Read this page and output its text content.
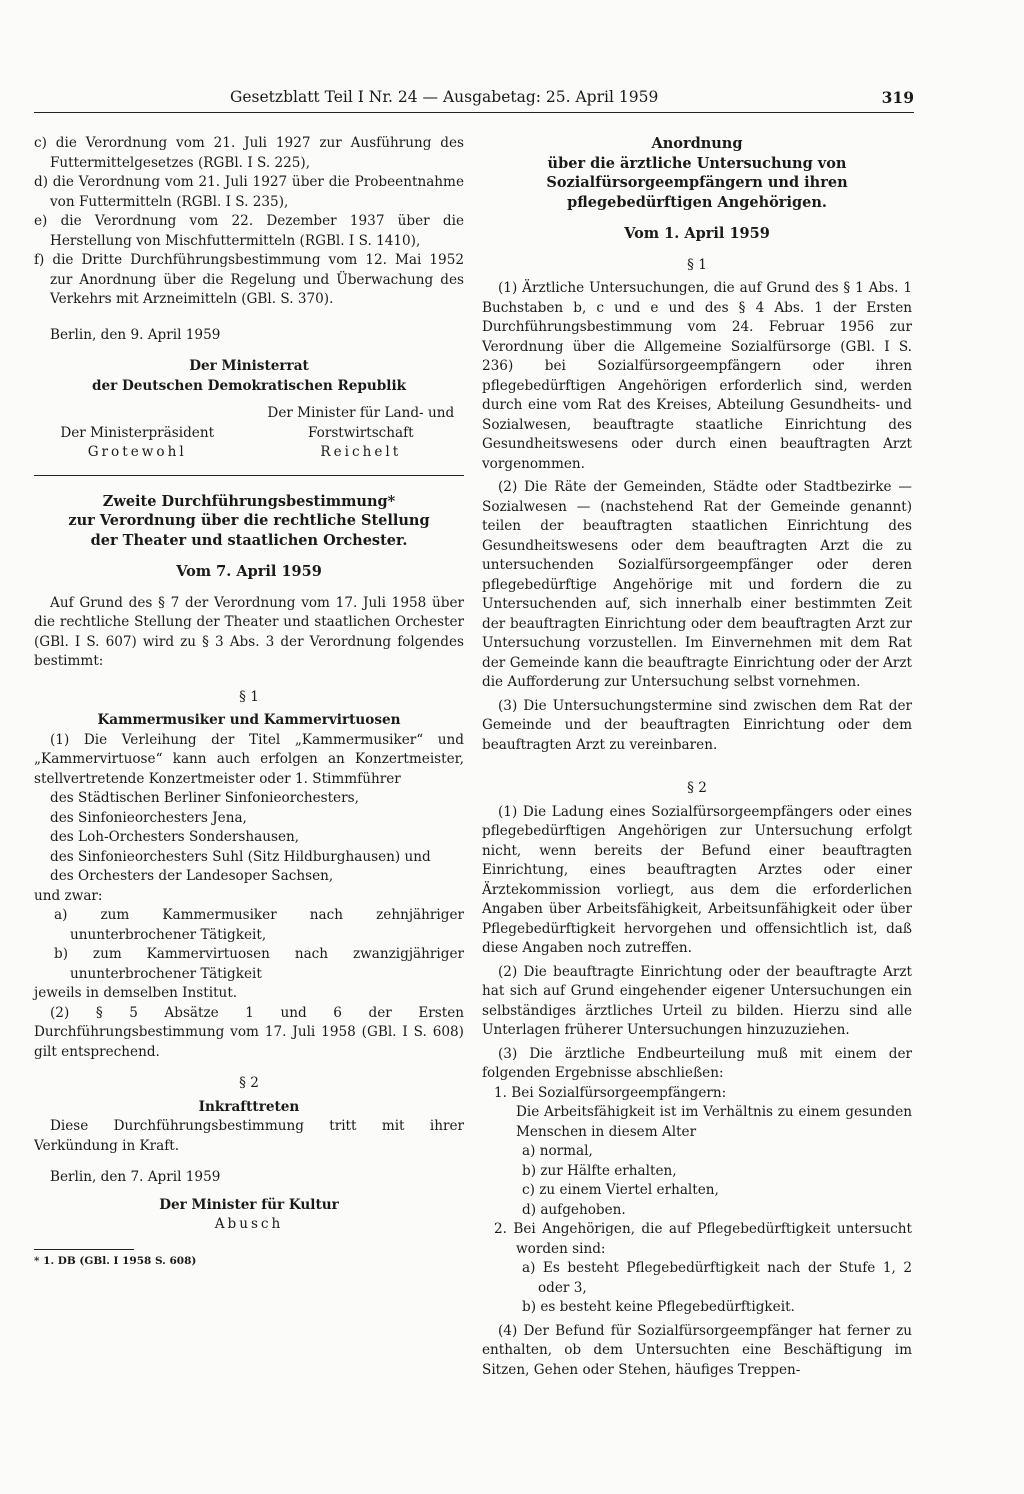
Gesetzblatt Teil I Nr. 24 — Ausgabetag: 25. April 1959	319

c) die Verordnung vom 21. Juli 1927 zur Ausführung des Futtermittelgesetzes (RGBl. I S. 225),

d) die Verordnung vom 21. Juli 1927 über die Probeentnahme von Futtermitteln (RGBl. I S. 235),

e) die Verordnung vom 22. Dezember 1937 über die Herstellung von Mischfuttermitteln (RGBl. I S. 1410),

f) die Dritte Durchführungsbestimmung vom 12. Mai 1952 zur Anordnung über die Regelung und Überwachung des Verkehrs mit Arzneimitteln (GBl. S. 370).

Berlin, den 9. April 1959

Der Ministerrat

der Deutschen Demokratischen Republik

Der Ministerpräsident

Grotewohl

Der Minister für Land- und

Forstwirtschaft

Reichelt

Zweite Durchführungsbestimmung*

zur Verordnung über die rechtliche Stellung

der Theater und staatlichen Orchester.

Vom 7. April 1959

Auf Grund des § 7 der Verordnung vom 17. Juli 1958 über die rechtliche Stellung der Theater und staatlichen Orchester (GBl. I S. 607) wird zu § 3 Abs. 3 der Verordnung folgendes bestimmt:

§ 1

Kammermusiker und Kammervirtuosen

(1) Die Verleihung der Titel „Kammermusiker“ und „Kammervirtuose“ kann auch erfolgen an Konzertmeister, stellvertretende Konzertmeister oder 1. Stimmführer

des Städtischen Berliner Sinfonieorchesters,

des Sinfonieorchesters Jena,

des Loh-Orchesters Sondershausen,

des Sinfonieorchesters Suhl (Sitz Hildburghausen) und

des Orchesters der Landesoper Sachsen,

und zwar:

a) zum Kammermusiker nach zehnjähriger ununterbrochener Tätigkeit,

b) zum Kammervirtuosen nach zwanzigjähriger ununterbrochener Tätigkeit

jeweils in demselben Institut.

(2) § 5 Absätze 1 und 6 der Ersten Durchführungsbestimmung vom 17. Juli 1958 (GBl. I S. 608) gilt entsprechend.

§ 2

Inkrafttreten

Diese Durchführungsbestimmung tritt mit ihrer Verkündung in Kraft.

Berlin, den 7. April 1959

Der Minister für Kultur

Abusch

* 1. DB (GBl. I 1958 S. 608)

Anordnung

über die ärztliche Untersuchung von Sozialfürsorgeempfängern und ihren pflegebedürftigen Angehörigen.

Vom 1. April 1959

§ 1

(1) Ärztliche Untersuchungen, die auf Grund des § 1 Abs. 1 Buchstaben b, c und e und des § 4 Abs. 1 der Ersten Durchführungsbestimmung vom 24. Februar 1956 zur Verordnung über die Allgemeine Sozialfürsorge (GBl. I S. 236) bei Sozialfürsorgeempfängern oder ihren pflegebedürftigen Angehörigen erforderlich sind, werden durch eine vom Rat des Kreises, Abteilung Gesundheits- und Sozialwesen, beauftragte staatliche Einrichtung des Gesundheitswesens oder durch einen beauftragten Arzt vorgenommen.

(2) Die Räte der Gemeinden, Städte oder Stadtbezirke — Sozialwesen — (nachstehend Rat der Gemeinde genannt) teilen der beauftragten staatlichen Einrichtung des Gesundheitswesens oder dem beauftragten Arzt die zu untersuchenden Sozialfürsorgeempfänger oder deren pflegebedürftige Angehörige mit und fordern die zu Untersuchenden auf, sich innerhalb einer bestimmten Zeit der beauftragten Einrichtung oder dem beauftragten Arzt zur Untersuchung vorzustellen. Im Einvernehmen mit dem Rat der Gemeinde kann die beauftragte Einrichtung oder der Arzt die Aufforderung zur Untersuchung selbst vornehmen.

(3) Die Untersuchungstermine sind zwischen dem Rat der Gemeinde und der beauftragten Einrichtung oder dem beauftragten Arzt zu vereinbaren.

§ 2

(1) Die Ladung eines Sozialfürsorgeempfängers oder eines pflegebedürftigen Angehörigen zur Untersuchung erfolgt nicht, wenn bereits der Befund einer beauftragten Einrichtung, eines beauftragten Arztes oder einer Ärztekommission vorliegt, aus dem die erforderlichen Angaben über Arbeitsfähigkeit, Arbeitsunfähigkeit oder über Pflegebedürftigkeit hervorgehen und offensichtlich ist, daß diese Angaben noch zutreffen.

(2) Die beauftragte Einrichtung oder der beauftragte Arzt hat sich auf Grund eingehender eigener Untersuchungen ein selbständiges ärztliches Urteil zu bilden. Hierzu sind alle Unterlagen früherer Untersuchungen hinzuzuziehen.

(3) Die ärztliche Endbeurteilung muß mit einem der folgenden Ergebnisse abschließen:

1. Bei Sozialfürsorgeempfängern:

Die Arbeitsfähigkeit ist im Verhältnis zu einem gesunden Menschen in diesem Alter

a) normal,

b) zur Hälfte erhalten,

c) zu einem Viertel erhalten,

d) aufgehoben.

2. Bei Angehörigen, die auf Pflegebedürftigkeit untersucht worden sind:

a) Es besteht Pflegebedürftigkeit nach der Stufe 1, 2 oder 3,

b) es besteht keine Pflegebedürftigkeit.

(4) Der Befund für Sozialfürsorgeempfänger hat ferner zu enthalten, ob dem Untersuchten eine Beschäftigung im Sitzen, Gehen oder Stehen, häufiges Treppen-
